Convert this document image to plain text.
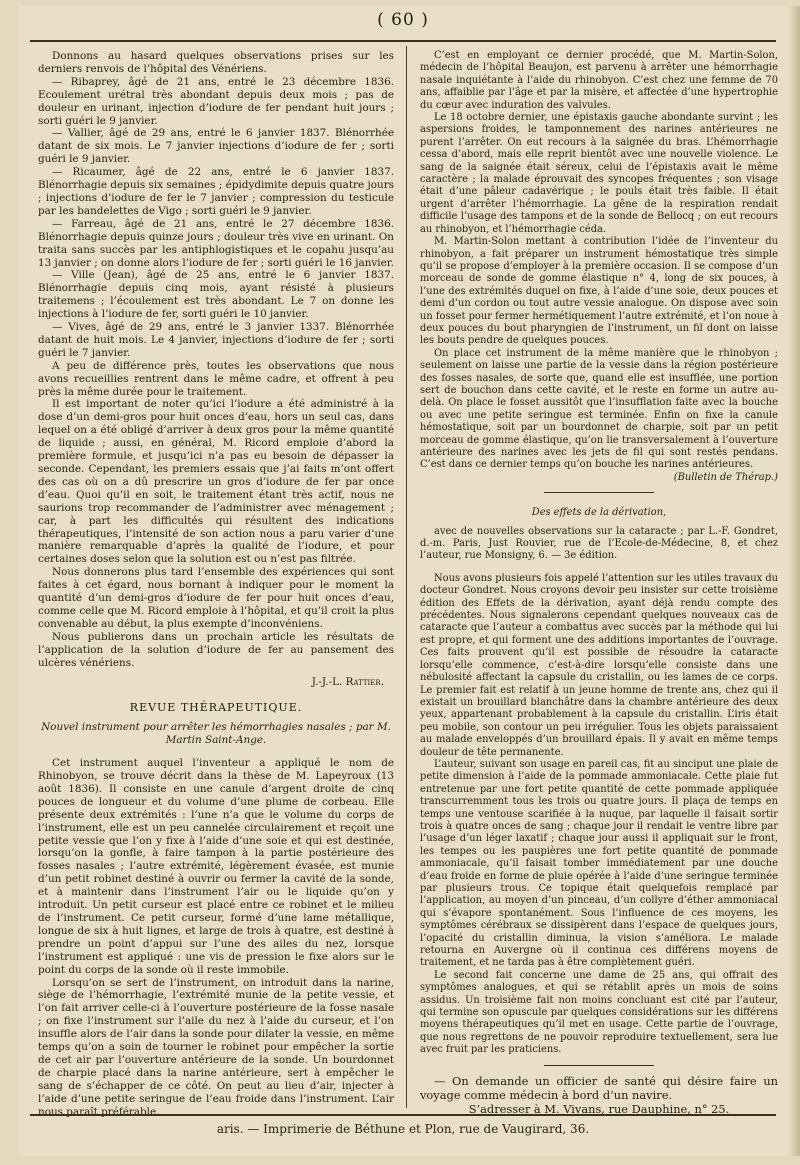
( 60 )

Donnons au hasard quelques observations prises sur les derniers renvois de l’hôpital des Vénériens.

— Ribaprey, âgé de 21 ans, entré le 23 décembre 1836. Ecoulement urétral très abondant depuis deux mois ; pas de douleur en urinant, injection d’iodure de fer pendant huit jours ; sorti guéri le 9 janvier.

— Vallier, âgé de 29 ans, entré le 6 janvier 1837. Blénorrhée datant de six mois. Le 7 janvier injections d’iodure de fer ; sorti guéri le 9 janvier.

— Ricaumer, âgé de 22 ans, entré le 6 janvier 1837. Blénorrhagie depuis six semaines ; épidydimite depuis quatre jours ; injections d’iodure de fer le 7 janvier ; compression du testicule par les bandelettes de Vigo ; sorti guéri le 9 janvier.

— Farreau, âgé de 21 ans, entré le 27 décembre 1836. Blénorrhagie depuis quinze jours ; douleur très vive en urinant. On traita sans succès par les antiphlogistiques et le copahu jusqu’au 13 janvier ; on donne alors l’iodure de fer ; sorti guéri le 16 janvier.

— Ville (Jean), âgé de 25 ans, entré le 6 janvier 1837. Blénorrhagie depuis cinq mois, ayant résisté à plusieurs traitemens ; l’écoulement est très abondant. Le 7 on donne les injections à l’iodure de fer, sorti guéri le 10 janvier.

— Vives, âgé de 29 ans, entré le 3 janvier 1337. Blénorrhée datant de huit mois. Le 4 janvier, injections d’iodure de fer ; sorti guéri le 7 janvier.

A peu de différence près, toutes les observations que nous avons recueillies rentrent dans le même cadre, et offrent à peu près la même durée pour le traitement.

Il est important de noter qu’ici l’iodure a été administré à la dose d’un demi-gros pour huit onces d’eau, hors un seul cas, dans lequel on a été obligé d’arriver à deux gros pour la même quantité de liquide ; aussi, en général, M. Ricord emploie d’abord la première formule, et jusqu’ici n’a pas eu besoin de dépasser la seconde. Cependant, les premiers essais que j’ai faits m’ont offert des cas où on a dû prescrire un gros d’iodure de fer par once d’eau. Quoi qu’il en soit, le traitement étant très actif, nous ne saurions trop recommander de l’administrer avec ménagement ; car, à part les difficultés qui résultent des indications thérapeutiques, l’intensité de son action nous a paru varier d’une manière remarquable d’après la qualité de l’iodure, et pour certaines doses selon que la solution est ou n’est pas filtrée.

Nous donnerons plus tard l’ensemble des expériences qui sont faites à cet égard, nous bornant à indiquer pour le moment la quantité d’un demi-gros d’iodure de fer pour huit onces d’eau, comme celle que M. Ricord emploie à l’hôpital, et qu’il croit la plus convenable au début, la plus exempte d’inconvéniens.

Nous publierons dans un prochain article les résultats de l’application de la solution d’iodure de fer au pansement des ulcères vénériens.

J.-J.-L. Rattier.

REVUE THÉRAPEUTIQUE.

Nouvel instrument pour arrêter les hémorrhagies nasales ; par M. Martin Saint-Ange.

Cet instrument auquel l’inventeur a appliqué le nom de Rhinobyon, se trouve décrit dans la thèse de M. Lapeyroux (13 août 1836). Il consiste en une canule d’argent droite de cinq pouces de longueur et du volume d’une plume de corbeau. Elle présente deux extrémités : l’une n’a que le volume du corps de l’instrument, elle est un peu cannelée circulairement et reçoit une petite vessie que l’on y fixe à l’aide d’une soie et qui est destinée, lorsqu’on la gonfle, à faire tampon à la partie postérieure des fosses nasales ; l’autre extrémité, légèrement évasée, est munie d’un petit robinet destiné à ouvrir ou fermer la cavité de la sonde, et à maintenir dans l’instrument l’air ou le liquide qu’on y introduit. Un petit curseur est placé entre ce robinet et le milieu de l’instrument. Ce petit curseur, formé d’une lame métallique, longue de six à huit lignes, et large de trois à quatre, est destiné à prendre un point d’appui sur l’une des ailes du nez, lorsque l’instrument est appliqué : une vis de pression le fixe alors sur le point du corps de la sonde où il reste immobile.

Lorsqu’on se sert de l’instrument, on introduit dans la narine, siège de l’hémorrhagie, l’extrémité munie de la petite vessie, et l’on fait arriver celle-ci à l’ouverture postérieure de la fosse nasale ; on fixe l’instrument sur l’aile du nez à l’aide du curseur, et l’on insuffle alors de l’air dans la sonde pour dilater la vessie, en même temps qu’on a soin de tourner le robinet pour empêcher la sortie de cet air par l’ouverture antérieure de la sonde. Un bourdonnet de charpie placé dans la narine antérieure, sert à empêcher le sang de s’échapper de ce côté. On peut au lieu d’air, injecter à l’aide d’une petite seringue de l’eau froide dans l’instrument. L’air nous paraît préférable.

C’est en employant ce dernier procédé, que M. Martin-Solon, médecin de l’hôpital Beaujon, est parvenu à arrêter une hémorrhagie nasale inquiétante à l’aide du rhinobyon. C’est chez une femme de 70 ans, affaiblie par l’âge et par la misère, et affectée d’une hypertrophie du cœur avec induration des valvules.

Le 18 octobre dernier, une épistaxis gauche abondante survint ; les aspersions froides, le tamponnement des narines antérieures ne purent l’arrêter. On eut recours à la saignée du bras. L’hémorrhagie cessa d’abord, mais elle reprit bientôt avec une nouvelle violence. Le sang de la saignée était séreux, celui de l’épistaxis avait le même caractère ; la malade éprouvait des syncopes fréquentes ; son visage était d’une pâleur cadavérique ; le pouls était très faible. Il était urgent d’arrêter l’hémorrhagie. La gêne de la respiration rendait difficile l’usage des tampons et de la sonde de Bellocq ; on eut recours au rhinobyon, et l’hémorrhagie céda.

M. Martin-Solon mettant à contribution l’idée de l’inventeur du rhinobyon, a fait préparer un instrument hémostatique très simple qu’il se propose d’employer à la première occasion. Il se compose d’un morceau de sonde de gomme élastique n° 4, long de six pouces, à l’une des extrémités duquel on fixe, à l’aide d’une soie, deux pouces et demi d’un cordon ou tout autre vessie analogue. On dispose avec soin un fosset pour fermer hermétiquement l’autre extrémité, et l’on noue à deux pouces du bout pharyngien de l’instrument, un fil dont on laisse les bouts pendre de quelques pouces.

On place cet instrument de la même manière que le rhinobyon ; seulement on laisse une partie de la vessie dans la région postérieure des fosses nasales, de sorte que, quand elle est insufflée, une portion sert de bouchon dans cette cavité, et le reste en forme un autre au-delà. On place le fosset aussitôt que l’insufflation faite avec la bouche ou avec une petite seringue est terminée. Enfin on fixe la canule hémostatique, soit par un bourdonnet de charpie, soit par un petit morceau de gomme élastique, qu’on lie transversalement à l’ouverture antérieure des narines avec les jets de fil qui sont restés pendans. C’est dans ce dernier temps qu’on bouche les narines antérieures.

(Bulletin de Thérap.)

Des effets de la dérivation,

avec de nouvelles observations sur la cataracte ; par L.-F. Gondret, d.-m. Paris, Just Rouvier, rue de l’Ecole-de-Médecine, 8, et chez l’auteur, rue Monsigny, 6. — 3e édition.

Nous avons plusieurs fois appelé l’attention sur les utiles travaux du docteur Gondret. Nous croyons devoir peu insister sur cette troisième édition des Effets de la dérivation, ayant déjà rendu compte des précédentes. Nous signalerons cependant quelques nouveaux cas de cataracte que l’auteur a combattus avec succès par la méthode qui lui est propre, et qui forment une des additions importantes de l’ouvrage. Ces faits prouvent qu’il est possible de résoudre la cataracte lorsqu’elle commence, c’est-à-dire lorsqu’elle consiste dans une nébulosité affectant la capsule du cristallin, ou les lames de ce corps. Le premier fait est relatif à un jeune homme de trente ans, chez qui il existait un brouillard blanchâtre dans la chambre antérieure des deux yeux, appartenant probablement à la capsule du cristallin. L’iris était peu mobile, son contour un peu irrégulier. Tous les objets paraissaient au malade enveloppés d’un brouillard épais. Il y avait en même temps douleur de tête permanente.

L’auteur, suivant son usage en pareil cas, fit au sinciput une plaie de petite dimension à l’aide de la pommade ammoniacale. Cette plaie fut entretenue par une fort petite quantité de cette pommade appliquée transcurremment tous les trois ou quatre jours. Il plaça de temps en temps une ventouse scarifiée à la nuque, par laquelle il faisait sortir trois à quatre onces de sang ; chaque jour il rendait le ventre libre par l’usage d’un léger laxatif ; chaque jour aussi il appliquait sur le front, les tempes ou les paupières une fort petite quantité de pommade ammoniacale, qu’il faisait tomber immédiatement par une douche d’eau froide en forme de pluie opérée à l’aide d’une seringue terminée par plusieurs trous. Ce topique était quelquefois remplacé par l’application, au moyen d’un pinceau, d’un collyre d’éther ammoniacal qui s’évapore spontanément. Sous l’influence de ces moyens, les symptômes cérébraux se dissipèrent dans l’espace de quelques jours, l’opacité du cristallin diminua, la vision s’améliora. Le malade retourna en Auvergne où il continua ces différens moyens de traitement, et ne tarda pas à être complètement guéri.

Le second fait concerne une dame de 25 ans, qui offrait des symptômes analogues, et qui se rétablit après un mois de soins assidus. Un troisième fait non moins concluant est cité par l’auteur, qui termine son opuscule par quelques considérations sur les différens moyens thérapeutiques qu’il met en usage. Cette partie de l’ouvrage, que nous regrettons de ne pouvoir reproduire textuellement, sera lue avec fruit par les praticiens.

— On demande un officier de santé qui désire faire un voyage comme médecin à bord d’un navire.

S’adresser à M. Vivans, rue Dauphine, n° 25.

aris. — Imprimerie de Béthune et Plon, rue de Vaugirard, 36.
